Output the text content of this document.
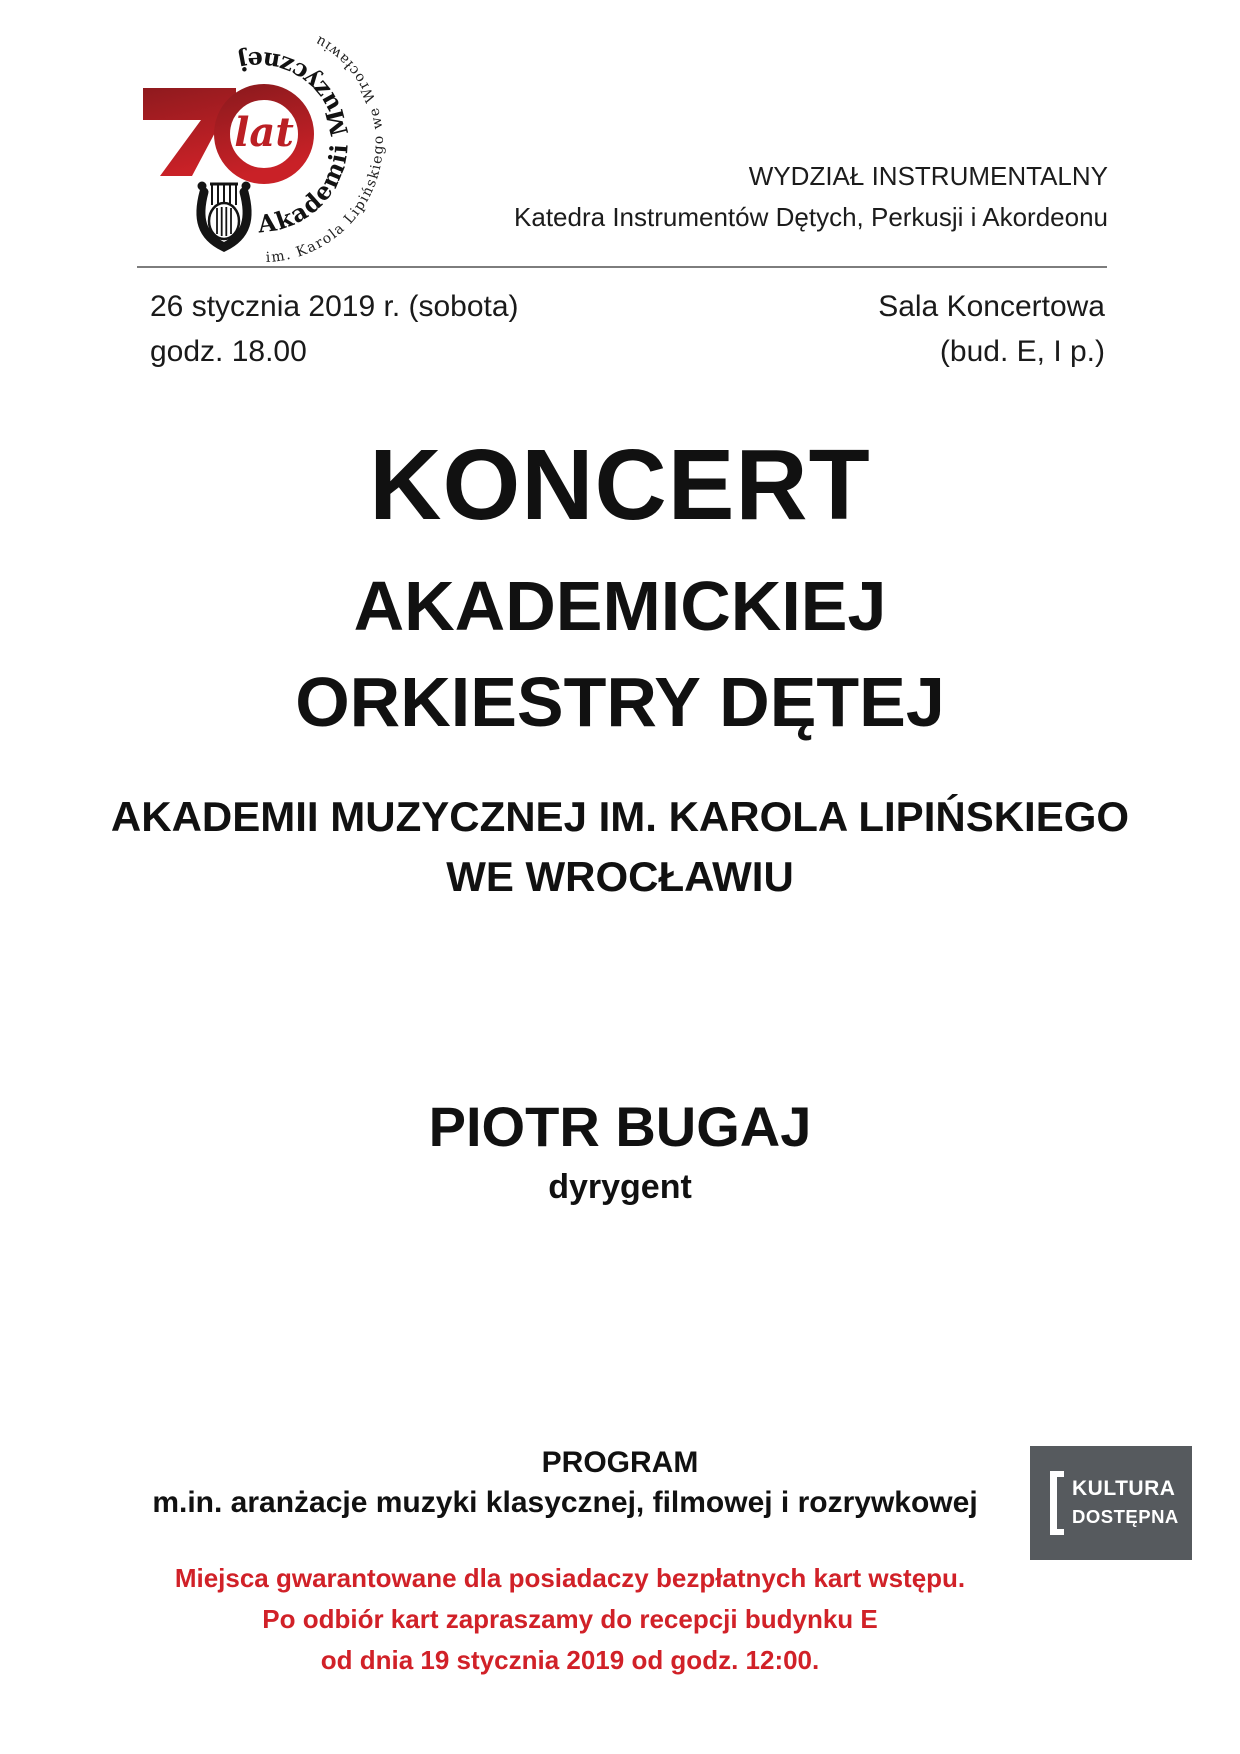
lat
Akademii Muzycznej
im. Karola Lipińskiego we Wrocławiu
WYDZIAŁ INSTRUMENTALNY
Katedra Instrumentów Dętych, Perkusji i Akordeonu
26 stycznia 2019 r. (sobota)
godz. 18.00
Sala Koncertowa
(bud. E, I p.)
KONCERT
AKADEMICKIEJ
ORKIESTRY DĘTEJ
AKADEMII MUZYCZNEJ IM. KAROLA LIPIŃSKIEGO
WE WROCŁAWIU
PIOTR BUGAJ
dyrygent
PROGRAM
m.in. aranżacje muzyki klasycznej, filmowej i rozrywkowej	KULTURA
DOSTĘPNA
Miejsca gwarantowane dla posiadaczy bezpłatnych kart wstępu.
Po odbiór kart zapraszamy do recepcji budynku E
od dnia 19 stycznia 2019 od godz. 12:00.
